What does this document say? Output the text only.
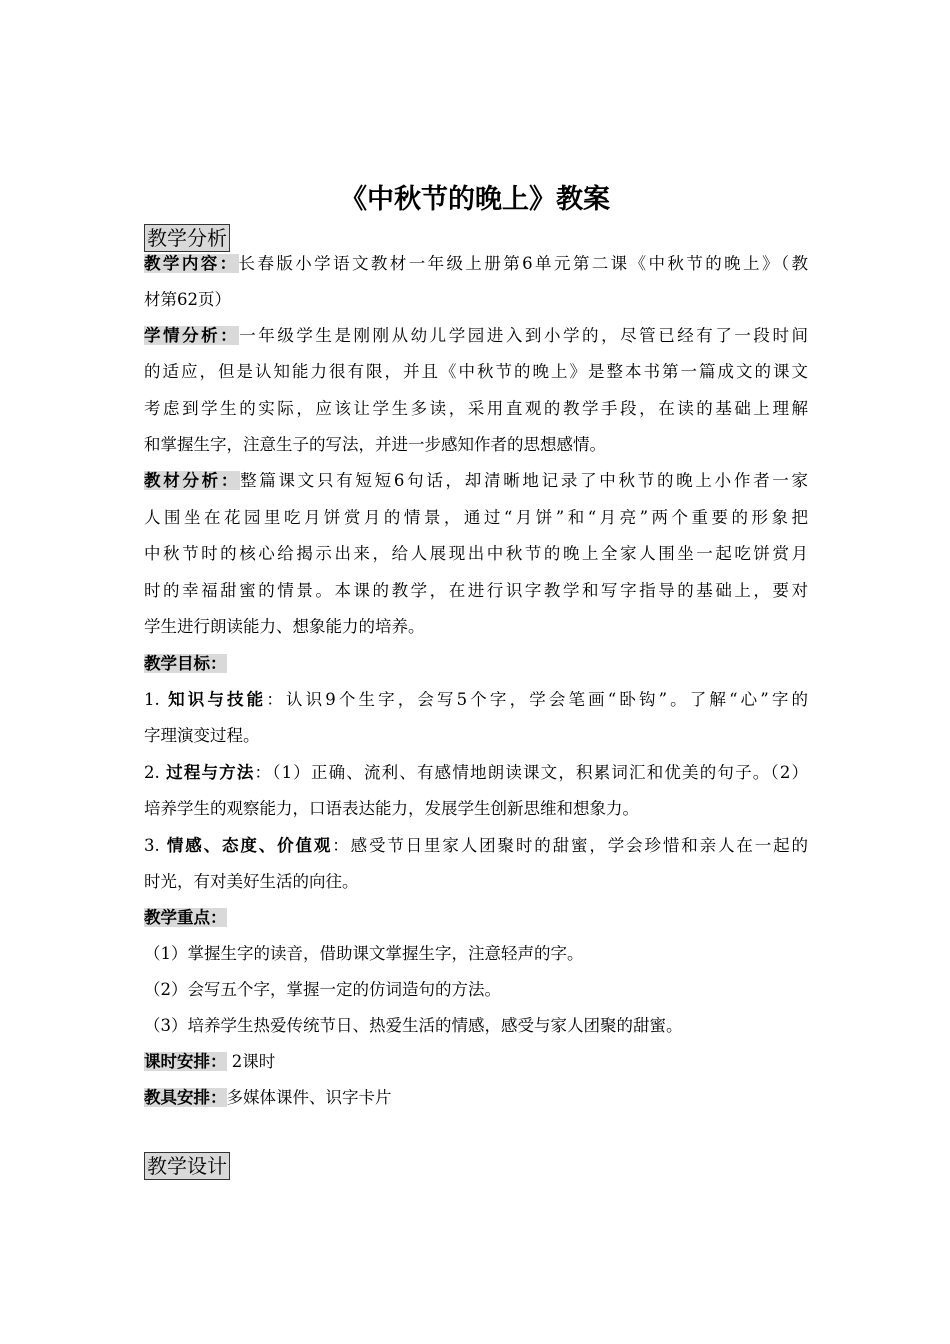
《中秋节的晚上》教案
教学分析
教学内容：长春版小学语文教材一年级上册第6单元第二课《中秋节的晚上》（教
材第62页）
学情分析：一年级学生是刚刚从幼儿学园进入到小学的，尽管已经有了一段时间
的适应，但是认知能力很有限，并且《中秋节的晚上》是整本书第一篇成文的课文
考虑到学生的实际，应该让学生多读，采用直观的教学手段，在读的基础上理解
和掌握生字，注意生子的写法，并进一步感知作者的思想感情。
教材分析：整篇课文只有短短6句话，却清晰地记录了中秋节的晚上小作者一家
人围坐在花园里吃月饼赏月的情景，通过“月饼”和“月亮”两个重要的形象把
中秋节时的核心给揭示出来，给人展现出中秋节的晚上全家人围坐一起吃饼赏月
时的幸福甜蜜的情景。本课的教学，在进行识字教学和写字指导的基础上，要对
学生进行朗读能力、想象能力的培养。
教学目标：
1. 知识与技能：认识9个生字，会写5个字，学会笔画“卧钩”。了解“心”字的
字理演变过程。
2. 过程与方法：（1）正确、流利、有感情地朗读课文，积累词汇和优美的句子。（2）
培养学生的观察能力，口语表达能力，发展学生创新思维和想象力。
3. 情感、态度、价值观：感受节日里家人团聚时的甜蜜，学会珍惜和亲人在一起的
时光，有对美好生活的向往。
教学重点：
（1）掌握生字的读音，借助课文掌握生字，注意轻声的字。
（2）会写五个字，掌握一定的仿词造句的方法。
（3）培养学生热爱传统节日、热爱生活的情感，感受与家人团聚的甜蜜。
课时安排： 2课时
教具安排：多媒体课件、识字卡片
教学设计
